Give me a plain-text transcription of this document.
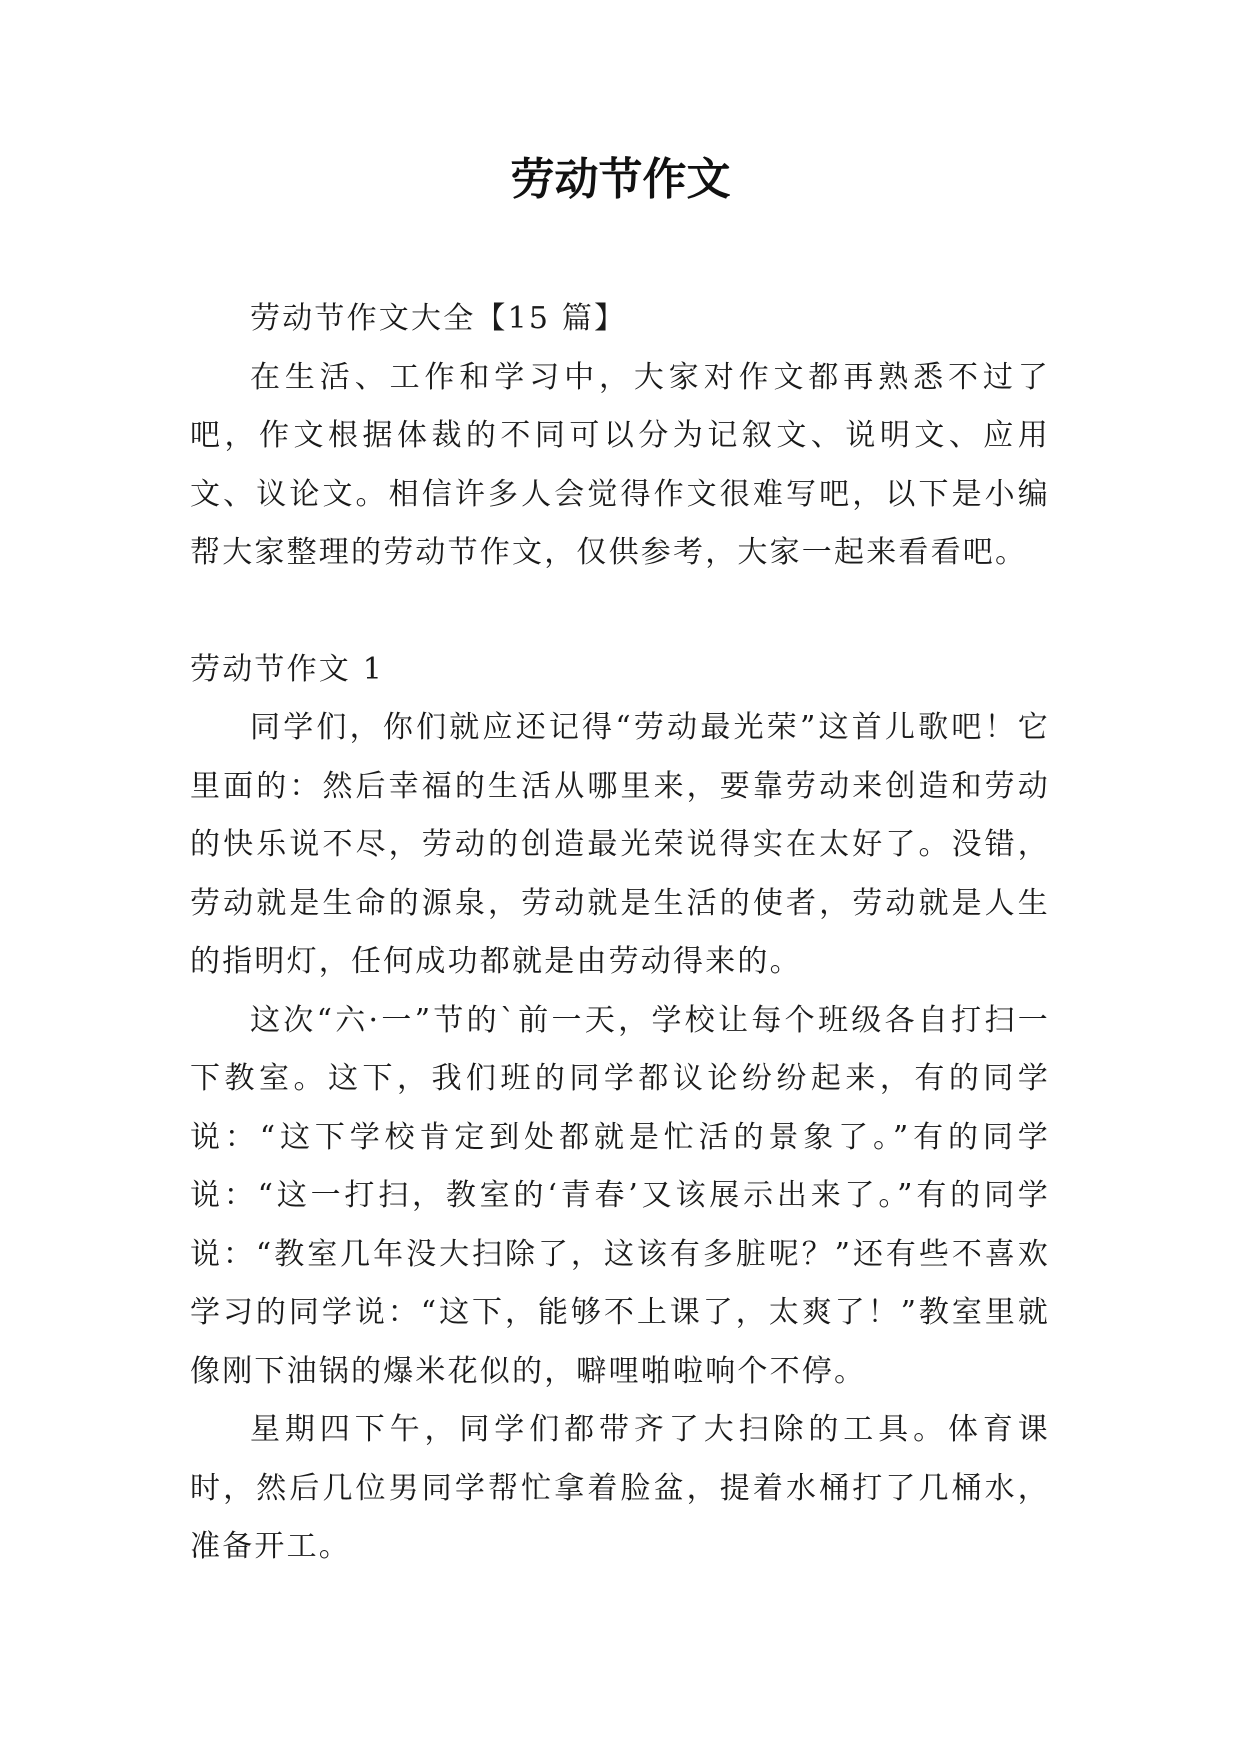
劳动节作文

劳动节作文大全【15 篇】

在生活、工作和学习中，大家对作文都再熟悉不过了吧，作文根据体裁的不同可以分为记叙文、说明文、应用文、议论文。相信许多人会觉得作文很难写吧，以下是小编帮大家整理的劳动节作文，仅供参考，大家一起来看看吧。

劳动节作文 1

同学们，你们就应还记得“劳动最光荣”这首儿歌吧！它里面的：然后幸福的生活从哪里来，要靠劳动来创造和劳动的快乐说不尽，劳动的创造最光荣说得实在太好了。没错，劳动就是生命的源泉，劳动就是生活的使者，劳动就是人生的指明灯，任何成功都就是由劳动得来的。

这次“六·一”节的`前一天，学校让每个班级各自打扫一下教室。这下，我们班的同学都议论纷纷起来，有的同学说：“这下学校肯定到处都就是忙活的景象了。”有的同学说：“这一打扫，教室的‘青春’又该展示出来了。”有的同学说：“教室几年没大扫除了，这该有多脏呢？”还有些不喜欢学习的同学说：“这下，能够不上课了，太爽了！”教室里就像刚下油锅的爆米花似的，噼哩啪啦响个不停。

星期四下午，同学们都带齐了大扫除的工具。体育课时，然后几位男同学帮忙拿着脸盆，提着水桶打了几桶水，准备开工。
